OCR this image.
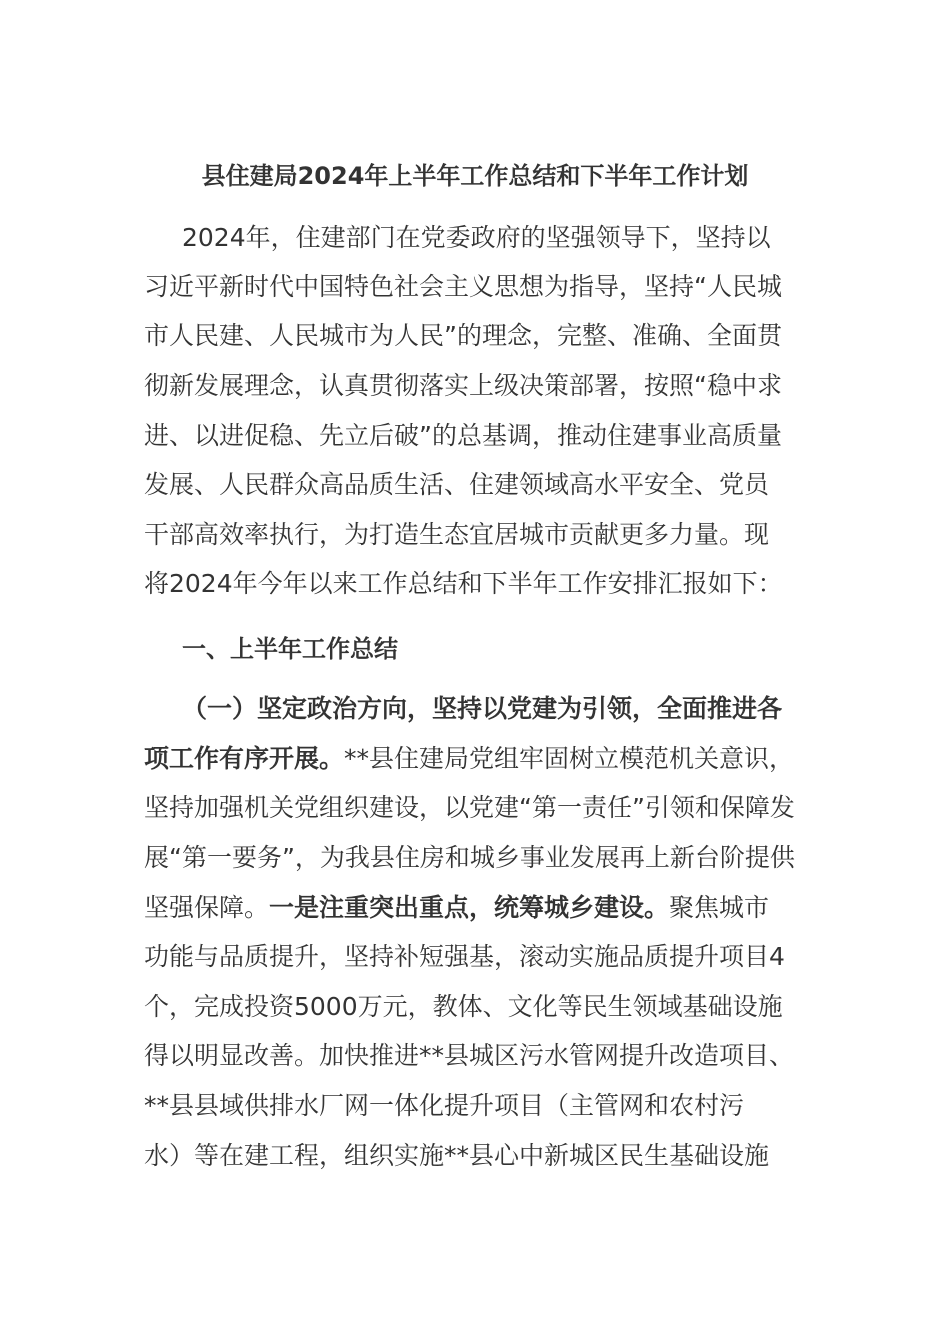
县住建局2024年上半年工作总结和下半年工作计划
2024年，住建部门在党委政府的坚强领导下，坚持以
习近平新时代中国特色社会主义思想为指导，坚持“人民城
市人民建、人民城市为人民”的理念，完整、准确、全面贯
彻新发展理念，认真贯彻落实上级决策部署，按照“稳中求
进、以进促稳、先立后破”的总基调，推动住建事业高质量
发展、人民群众高品质生活、住建领域高水平安全、党员
干部高效率执行，为打造生态宜居城市贡献更多力量。现
将2024年今年以来工作总结和下半年工作安排汇报如下：
一、上半年工作总结
（一）坚定政治方向，坚持以党建为引领，全面推进各
项工作有序开展。**县住建局党组牢固树立模范机关意识，
坚持加强机关党组织建设，以党建“第一责任”引领和保障发
展“第一要务”，为我县住房和城乡事业发展再上新台阶提供
坚强保障。一是注重突出重点，统筹城乡建设。聚焦城市
功能与品质提升，坚持补短强基，滚动实施品质提升项目4
个，完成投资5000万元，教体、文化等民生领域基础设施
得以明显改善。加快推进**县城区污水管网提升改造项目、
**县县域供排水厂网一体化提升项目（主管网和农村污
水）等在建工程，组织实施**县心中新城区民生基础设施
